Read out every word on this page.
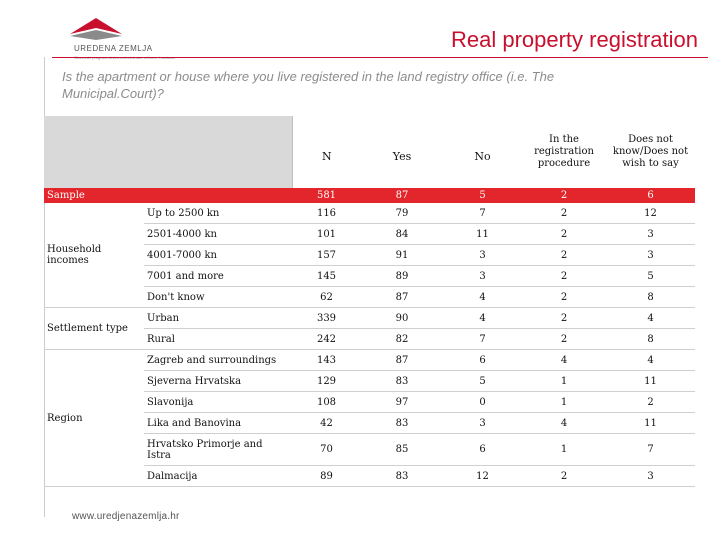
UREDENA ZEMLJA	Real property registration
Is the apartment or house where you live registered in the land registry office (i.e. The Municipal.Court)?
		N	Yes	No	In the registration procedure	Does not know/Does not wish to say
Sample		581	87	5	2	6
Household incomes	Up to 2500 kn	116	79	7	2	12
	2501-4000 kn	101	84	11	2	3
	4001-7000 kn	157	91	3	2	3
	7001 and more	145	89	3	2	5
	Don't know	62	87	4	2	8
Settlement type	Urban	339	90	4	2	4
	Rural	242	82	7	2	8
Region	Zagreb and surroundings	143	87	6	4	4
	Sjeverna Hrvatska	129	83	5	1	11
	Slavonija	108	97	0	1	2
	Lika and Banovina	42	83	3	4	11
	Hrvatsko Primorje and Istra	70	85	6	1	7
	Dalmacija	89	83	12	2	3
www.uredjenazemlja.hr
